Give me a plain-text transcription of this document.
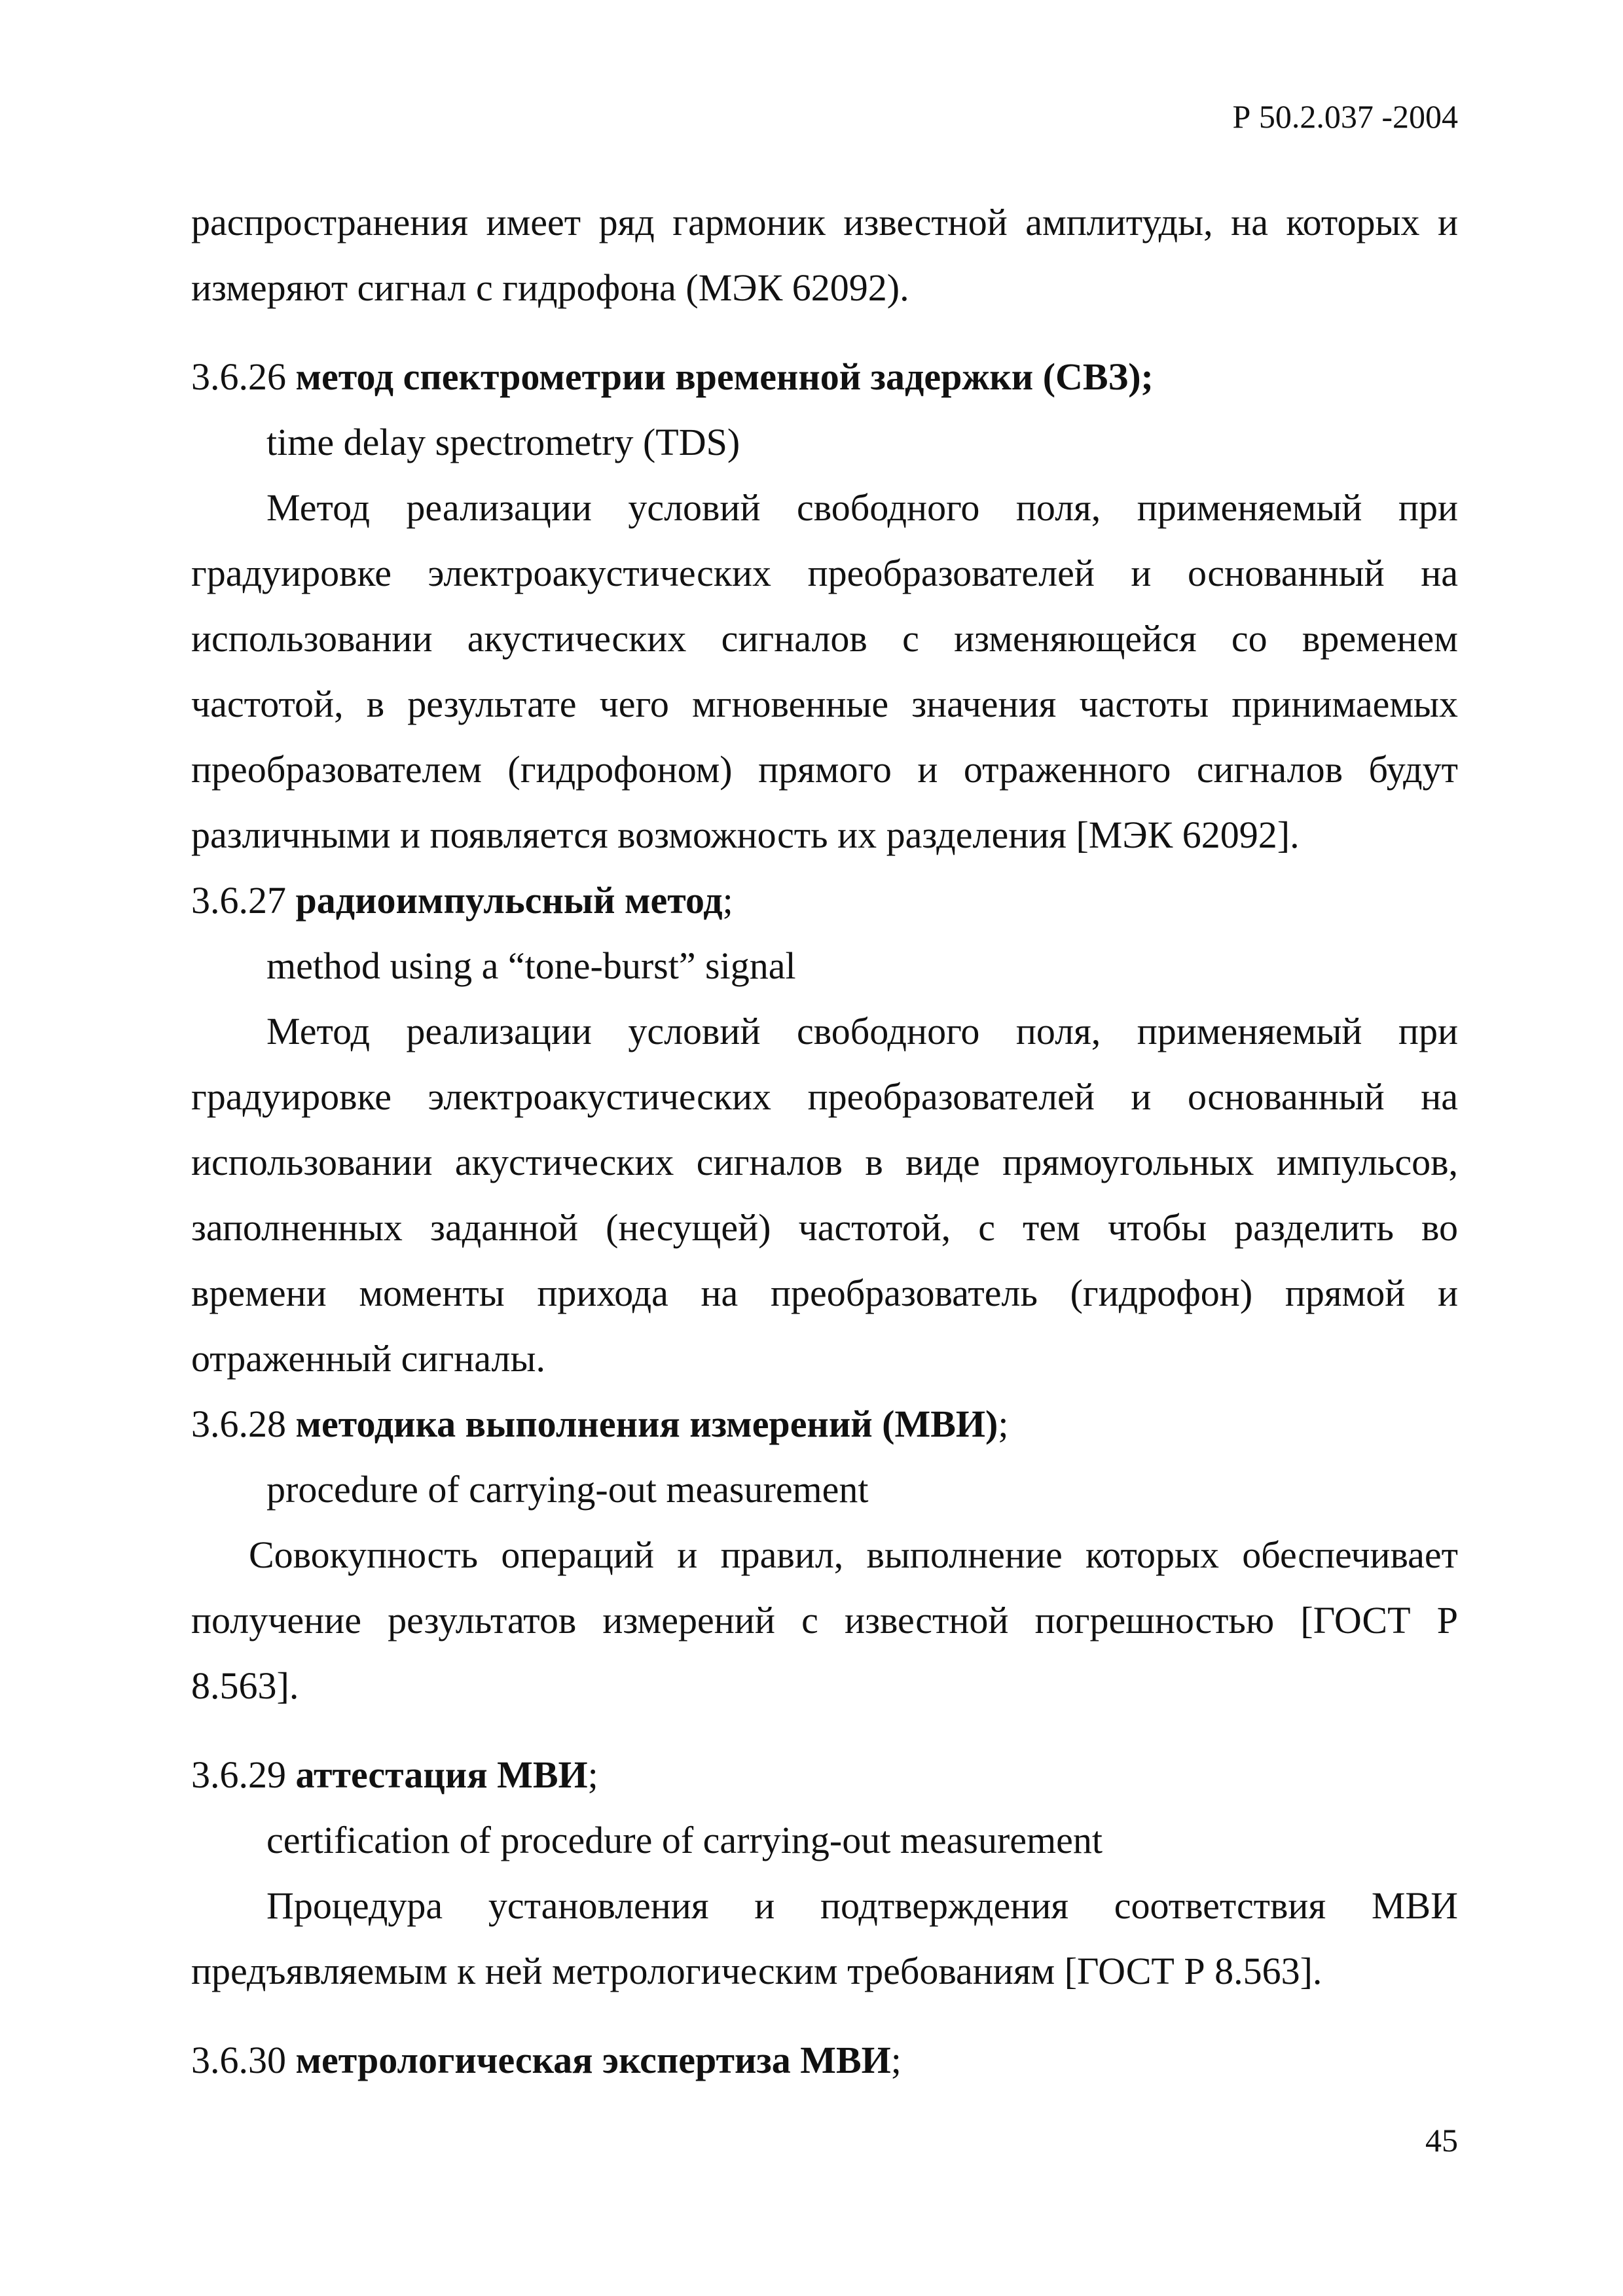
Р 50.2.037 -2004

распространения имеет ряд гармоник известной амплитуды, на которых и

измеряют сигнал с гидрофона (МЭК 62092).

3.6.26 метод спектрометрии временной задержки (СВЗ);

time delay spectrometry (TDS)

Метод реализации условий свободного поля, применяемый при

градуировке электроакустических преобразователей и основанный на

использовании акустических сигналов с изменяющейся со временем

частотой, в результате чего мгновенные значения частоты принимаемых

преобразователем (гидрофоном) прямого и отраженного сигналов будут

различными и появляется возможность их разделения [МЭК 62092].

3.6.27 радиоимпульсный метод;

method using a “tone-burst” signal

Метод реализации условий свободного поля, применяемый при

градуировке электроакустических преобразователей и основанный на

использовании акустических сигналов в виде прямоугольных импульсов,

заполненных заданной (несущей) частотой, с тем чтобы разделить во

времени моменты прихода на преобразователь (гидрофон) прямой и

отраженный сигналы.

3.6.28 методика выполнения измерений (МВИ);

procedure of carrying-out measurement

Совокупность операций и правил, выполнение которых обеспечивает

получение результатов измерений с известной погрешностью [ГОСТ Р

8.563].

3.6.29 аттестация МВИ;

certification of procedure of carrying-out measurement

Процедура установления и подтверждения соответствия МВИ

предъявляемым к ней метрологическим требованиям [ГОСТ Р 8.563].

3.6.30 метрологическая экспертиза МВИ;

45
